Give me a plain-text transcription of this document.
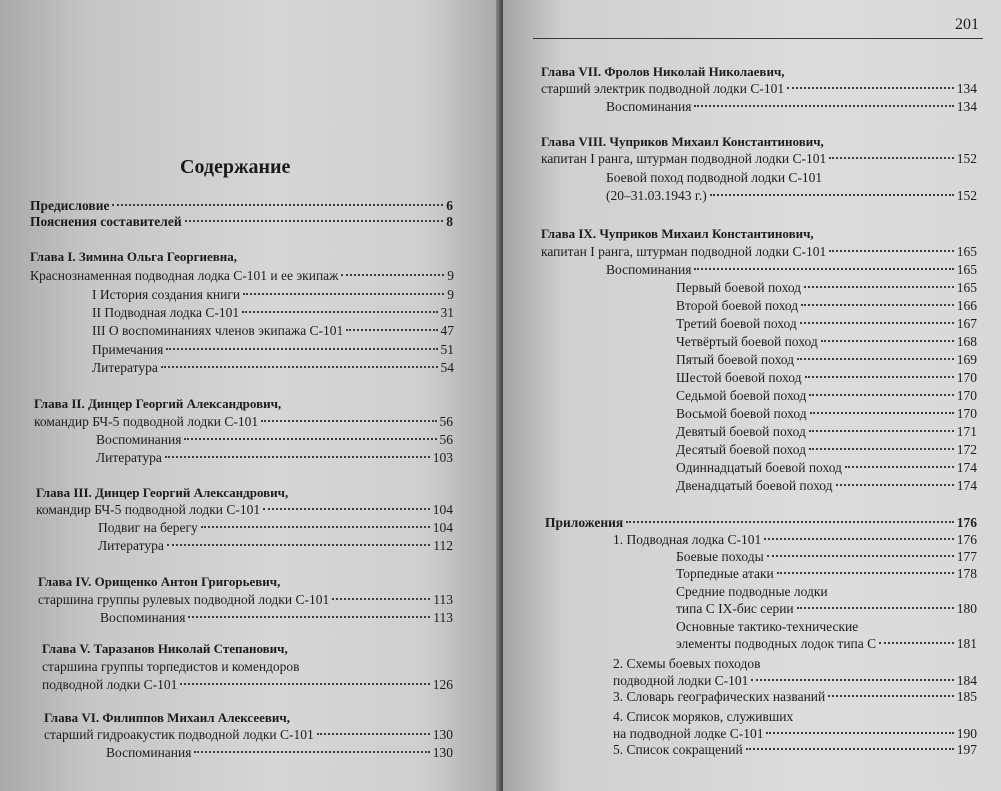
Содержание
Предисловие	6
Пояснения составителей	8
Глава I. Зимина Ольга Георгиевна,
Краснознаменная подводная лодка С-101 и ее экипаж	9
I История создания книги	9
II Подводная лодка С-101	31
III О воспоминаниях членов экипажа С-101	47
Примечания	51
Литература	54
Глава II. Динцер Георгий Александрович,
командир БЧ-5 подводной лодки С-101	56
Воспоминания	56
Литература	103
Глава III. Динцер Георгий Александрович,
командир БЧ-5 подводной лодки С-101	104
Подвиг на берегу	104
Литература	112
Глава IV. Орищенко Антон Григорьевич,
старшина группы рулевых подводной лодки С-101	113
Воспоминания	113
Глава V. Таразанов Николай Степанович,
старшина группы торпедистов и комендоров
подводной лодки С-101	126
Глава VI. Филиппов Михаил Алексеевич,
старший гидроакустик подводной лодки С-101	130
Воспоминания	130
201
Глава VII. Фролов Николай Николаевич,
старший электрик подводной лодки С-101	134
Воспоминания	134
Глава VIII. Чуприков Михаил Константинович,
капитан I ранга, штурман подводной лодки С-101	152
Боевой поход подводной лодки С-101
(20–31.03.1943 г.)	152
Глава IX. Чуприков Михаил Константинович,
капитан I ранга, штурман подводной лодки С-101	165
Воспоминания	165
Первый боевой поход	165
Второй боевой поход	166
Третий боевой поход	167
Четвёртый боевой поход	168
Пятый боевой поход	169
Шестой боевой поход	170
Седьмой боевой поход	170
Восьмой боевой поход	170
Девятый боевой поход	171
Десятый боевой поход	172
Одиннадцатый боевой поход	174
Двенадцатый боевой поход	174
Приложения	176
1. Подводная лодка С-101	176
Боевые походы	177
Торпедные атаки	178
Средние подводные лодки
типа С IX-бис серии	180
Основные тактико-технические
элементы подводных лодок типа С	181
2. Схемы боевых походов
подводной лодки С-101	184
3. Словарь географических названий	185
4. Список моряков, служивших
на подводной лодке С-101	190
5. Список сокращений	197
